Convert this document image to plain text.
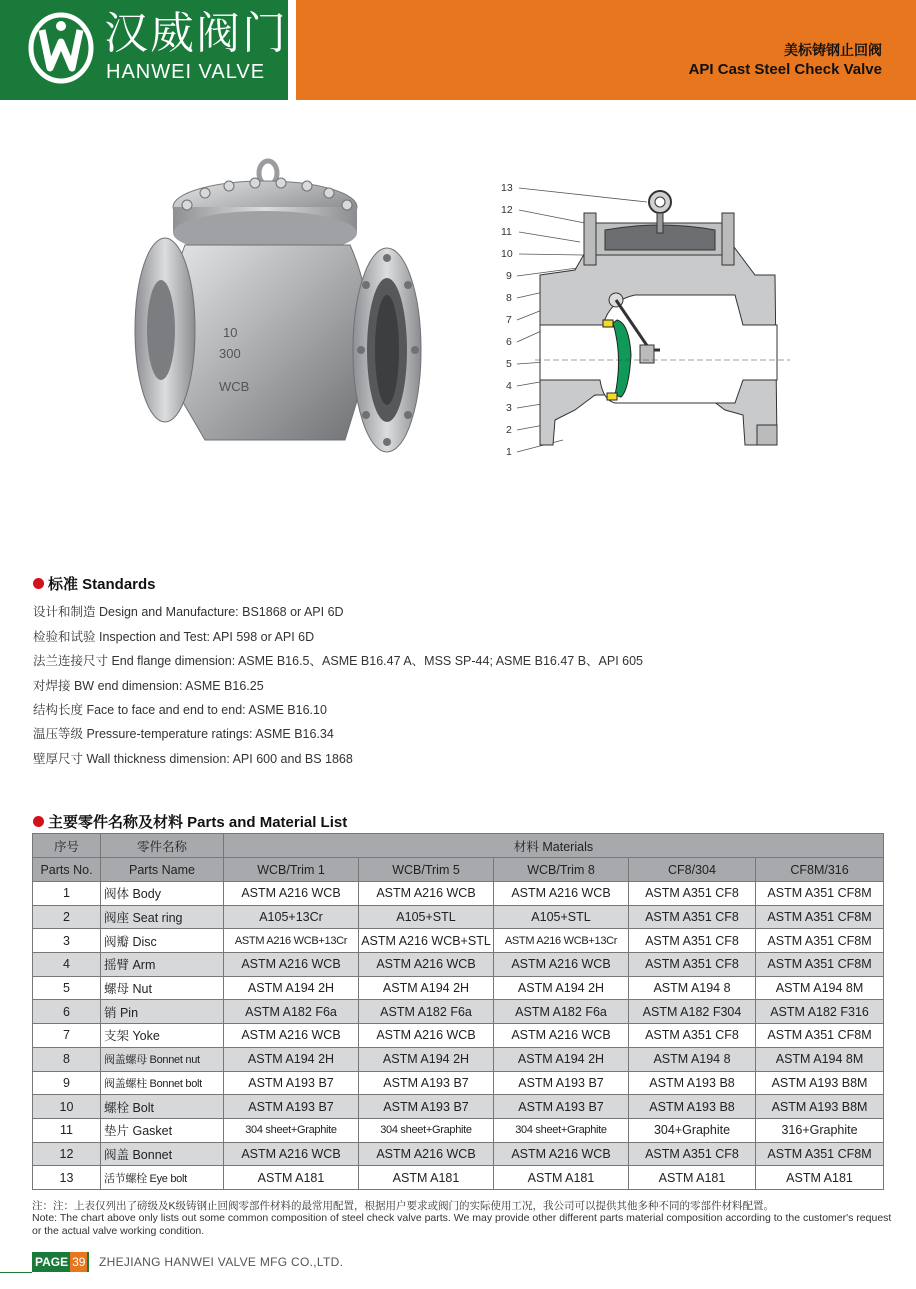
汉威阀门
HANWEI VALVE
美标铸钢止回阀
API Cast Steel Check Valve
10
300
WCB
13
12
11
10
9
8
7
6
5
4
3
2
1
标准 Standards
设计和制造 Design and Manufacture: BS1868 or API 6D
检验和试验 Inspection and Test: API 598 or API 6D
法兰连接尺寸 End flange dimension: ASME B16.5、ASME B16.47 A、MSS SP-44; ASME B16.47 B、API 605
对焊接 BW end dimension: ASME B16.25
结构长度 Face to face and end to end: ASME B16.10
温压等级 Pressure-temperature ratings: ASME B16.34
壁厚尺寸 Wall thickness dimension: API 600 and BS 1868
主要零件名称及材料 Parts and Material List
序号	零件名称	材料 Materials				
Parts No.	Parts Name	WCB/Trim 1	WCB/Trim 5	WCB/Trim 8	CF8/304	CF8M/316
1	阀体 Body	ASTM A216 WCB	ASTM A216 WCB	ASTM A216 WCB	ASTM A351 CF8	ASTM A351 CF8M
2	阀座 Seat ring	A105+13Cr	A105+STL	A105+STL	ASTM A351 CF8	ASTM A351 CF8M
3	阀瓣 Disc	ASTM A216 WCB+13Cr	ASTM A216 WCB+STL	ASTM A216 WCB+13Cr	ASTM A351 CF8	ASTM A351 CF8M
4	摇臂 Arm	ASTM A216 WCB	ASTM A216 WCB	ASTM A216 WCB	ASTM A351 CF8	ASTM A351 CF8M
5	螺母 Nut	ASTM A194 2H	ASTM A194 2H	ASTM A194 2H	ASTM A194 8	ASTM A194 8M
6	销 Pin	ASTM A182 F6a	ASTM A182 F6a	ASTM A182 F6a	ASTM A182 F304	ASTM A182 F316
7	支架 Yoke	ASTM A216 WCB	ASTM A216 WCB	ASTM A216 WCB	ASTM A351 CF8	ASTM A351 CF8M
8	阀盖螺母 Bonnet nut	ASTM A194 2H	ASTM A194 2H	ASTM A194 2H	ASTM A194 8	ASTM A194 8M
9	阀盖螺柱 Bonnet bolt	ASTM A193 B7	ASTM A193 B7	ASTM A193 B7	ASTM A193 B8	ASTM A193 B8M
10	螺栓 Bolt	ASTM A193 B7	ASTM A193 B7	ASTM A193 B7	ASTM A193 B8	ASTM A193 B8M
11	垫片 Gasket	304 sheet+Graphite	304 sheet+Graphite	304 sheet+Graphite	304+Graphite	316+Graphite
12	阀盖 Bonnet	ASTM A216 WCB	ASTM A216 WCB	ASTM A216 WCB	ASTM A351 CF8	ASTM A351 CF8M
13	活节螺栓 Eye bolt	ASTM A181	ASTM A181	ASTM A181	ASTM A181	ASTM A181
注：注：上表仅列出了磅级及K级铸钢止回阀零部件材料的最常用配置，根据用户要求或阀门的实际使用工况，我公司可以提供其他多种不同的零部件材料配置。
Note: The chart above only lists out some common composition of steel check valve parts. We may provide other different parts material composition according to the customer's request or the actual valve working condition.
PAGE 39	ZHEJIANG HANWEI VALVE MFG CO.,LTD.
